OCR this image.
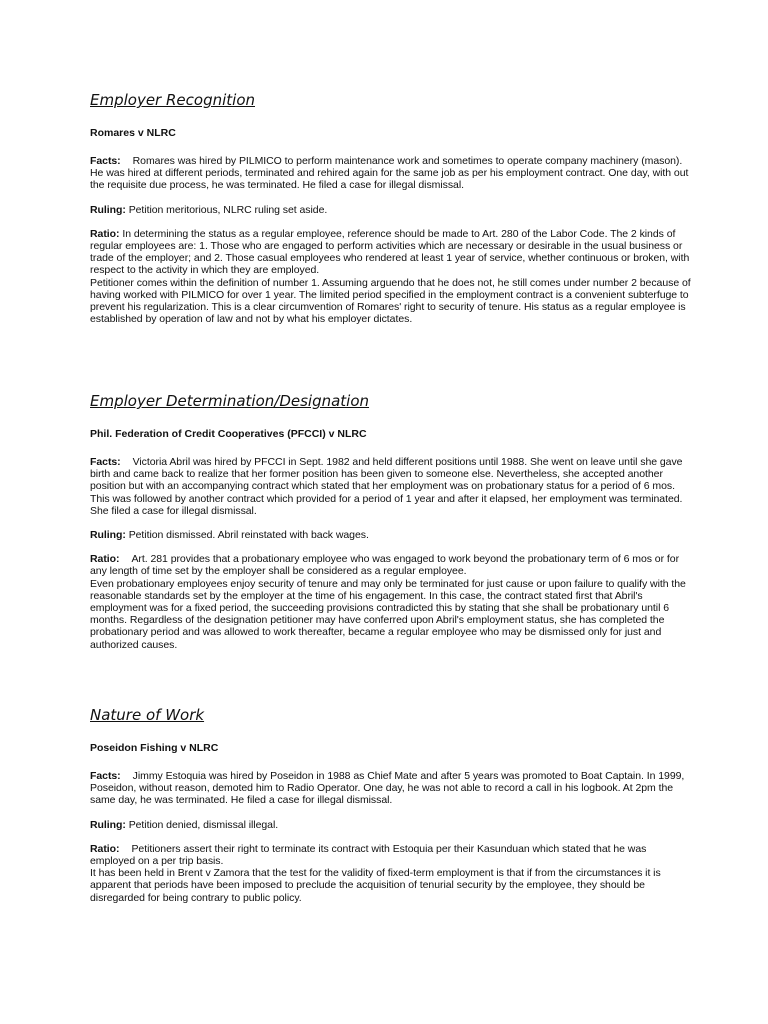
Employer Recognition
Romares v NLRC
Facts: Romares was hired by PILMICO to perform maintenance work and sometimes to operate company machinery (mason). He was hired at different periods, terminated and rehired again for the same job as per his employment contract. One day, with out the requisite due process, he was terminated. He filed a case for illegal dismissal.
Ruling: Petition meritorious, NLRC ruling set aside.
Ratio: In determining the status as a regular employee, reference should be made to Art. 280 of the Labor Code. The 2 kinds of regular employees are: 1. Those who are engaged to perform activities which are necessary or desirable in the usual business or trade of the employer; and 2. Those casual employees who rendered at least 1 year of service, whether continuous or broken, with respect to the activity in which they are employed.
Petitioner comes within the definition of number 1. Assuming arguendo that he does not, he still comes under number 2 because of having worked with PILMICO for over 1 year. The limited period specified in the employment contract is a convenient subterfuge to prevent his regularization. This is a clear circumvention of Romares' right to security of tenure. His status as a regular employee is established by operation of law and not by what his employer dictates.
Employer Determination/Designation
Phil. Federation of Credit Cooperatives (PFCCI) v NLRC
Facts: Victoria Abril was hired by PFCCI in Sept. 1982 and held different positions until 1988. She went on leave until she gave birth and came back to realize that her former position has been given to someone else. Nevertheless, she accepted another position but with an accompanying contract which stated that her employment was on probationary status for a period of 6 mos. This was followed by another contract which provided for a period of 1 year and after it elapsed, her employment was terminated. She filed a case for illegal dismissal.
Ruling: Petition dismissed. Abril reinstated with back wages.
Ratio: Art. 281 provides that a probationary employee who was engaged to work beyond the probationary term of 6 mos or for any length of time set by the employer shall be considered as a regular employee.
Even probationary employees enjoy security of tenure and may only be terminated for just cause or upon failure to qualify with the reasonable standards set by the employer at the time of his engagement. In this case, the contract stated first that Abril's employment was for a fixed period, the succeeding provisions contradicted this by stating that she shall be probationary until 6 months. Regardless of the designation petitioner may have conferred upon Abril's employment status, she has completed the probationary period and was allowed to work thereafter, became a regular employee who may be dismissed only for just and authorized causes.
Nature of Work
Poseidon Fishing v NLRC
Facts: Jimmy Estoquia was hired by Poseidon in 1988 as Chief Mate and after 5 years was promoted to Boat Captain. In 1999, Poseidon, without reason, demoted him to Radio Operator. One day, he was not able to record a call in his logbook. At 2pm the same day, he was terminated. He filed a case for illegal dismissal.
Ruling: Petition denied, dismissal illegal.
Ratio: Petitioners assert their right to terminate its contract with Estoquia per their Kasunduan which stated that he was employed on a per trip basis.
It has been held in Brent v Zamora that the test for the validity of fixed-term employment is that if from the circumstances it is apparent that periods have been imposed to preclude the acquisition of tenurial security by the employee, they should be disregarded for being contrary to public policy.
